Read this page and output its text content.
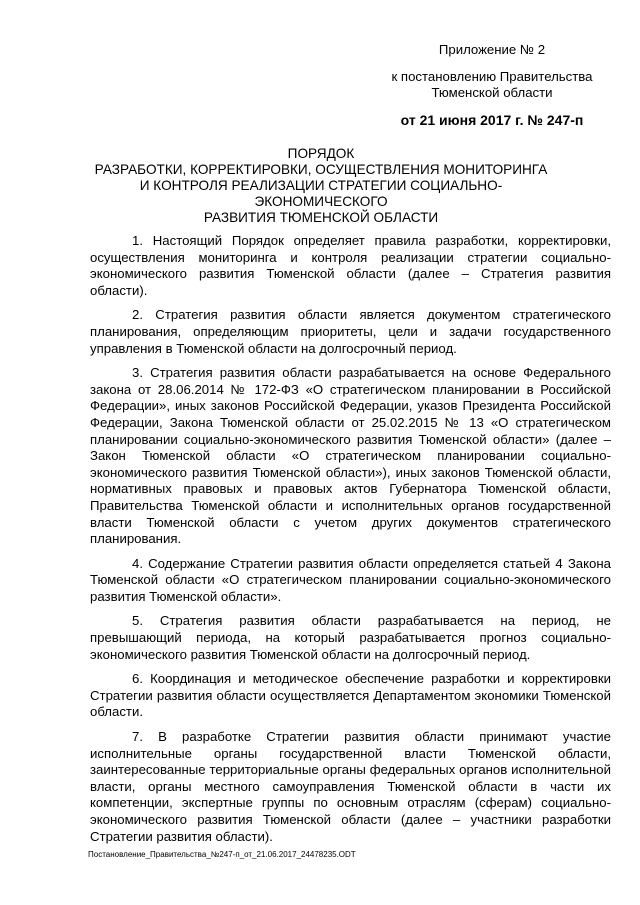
Приложение № 2
к постановлению Правительства
Тюменской области
от 21 июня 2017 г. № 247-п
ПОРЯДОК
РАЗРАБОТКИ, КОРРЕКТИРОВКИ, ОСУЩЕСТВЛЕНИЯ МОНИТОРИНГА
И КОНТРОЛЯ РЕАЛИЗАЦИИ СТРАТЕГИИ СОЦИАЛЬНО-ЭКОНОМИЧЕСКОГО
РАЗВИТИЯ ТЮМЕНСКОЙ ОБЛАСТИ

1. Настоящий Порядок определяет правила разработки, корректировки, осуществления мониторинга и контроля реализации стратегии социально-экономического развития Тюменской области (далее – Стратегия развития области).

2. Стратегия развития области является документом стратегического планирования, определяющим приоритеты, цели и задачи государственного управления в Тюменской области на долгосрочный период.

3. Стратегия развития области разрабатывается на основе Федерального закона от 28.06.2014 № 172-ФЗ «О стратегическом планировании в Российской Федерации», иных законов Российской Федерации, указов Президента Российской Федерации, Закона Тюменской области от 25.02.2015 № 13 «О стратегическом планировании социально-экономического развития Тюменской области» (далее – Закон Тюменской области «О стратегическом планировании социально-экономического развития Тюменской области»), иных законов Тюменской области, нормативных правовых и правовых актов Губернатора Тюменской области, Правительства Тюменской области и исполнительных органов государственной власти Тюменской области с учетом других документов стратегического планирования.

4. Содержание Стратегии развития области определяется статьей 4 Закона Тюменской области «О стратегическом планировании социально-экономического развития Тюменской области».

5. Стратегия развития области разрабатывается на период, не превышающий периода, на который разрабатывается прогноз социально-экономического развития Тюменской области на долгосрочный период.

6. Координация и методическое обеспечение разработки и корректировки Стратегии развития области осуществляется Департаментом экономики Тюменской области.

7. В разработке Стратегии развития области принимают участие исполнительные органы государственной власти Тюменской области, заинтересованные территориальные органы федеральных органов исполнительной власти, органы местного самоуправления Тюменской области в части их компетенции, экспертные группы по основным отраслям (сферам) социально-экономического развития Тюменской области (далее – участники разработки Стратегии развития области).

Постановление_Правительства_№247-п_от_21.06.2017_24478235.ODT
